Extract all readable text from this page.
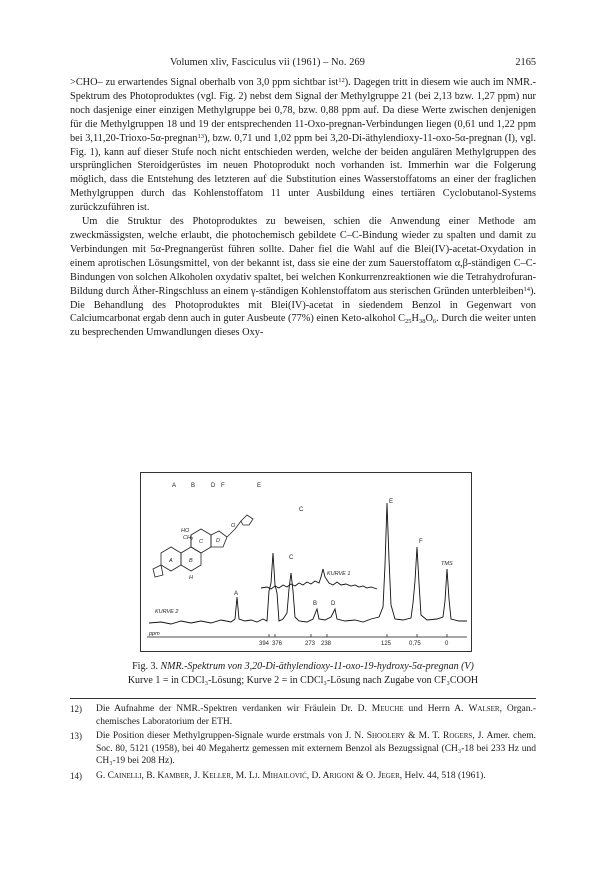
Volumen xliv, Fasciculus vii (1961) – No. 269	2165

>CHO– zu erwartendes Signal oberhalb von 3,0 ppm sichtbar ist$^{12}$). Dagegen tritt in diesem wie auch im NMR.-Spektrum des Photoproduktes (vgl. Fig. 2) nebst dem Signal der Methylgruppe 21 (bei 2,13 bzw. 1,27 ppm) nur noch dasjenige einer einzigen Methylgruppe bei 0,78, bzw. 0,88 ppm auf. Da diese Werte zwischen denjenigen für die Methylgruppen 18 und 19 der entsprechenden 11-Oxo-pregnan-Verbindungen liegen (0,61 und 1,22 ppm bei 3,11,20-Trioxo-5α-pregnan$^{13}$), bzw. 0,71 und 1,02 ppm bei 3,20-Di-äthylendioxy-11-oxo-5α-pregnan (I), vgl. Fig. 1), kann auf dieser Stufe noch nicht entschieden werden, welche der beiden angulären Methylgruppen des ursprünglichen Steroidgerüstes im neuen Photoprodukt noch vorhanden ist. Immerhin war die Folgerung möglich, dass die Entstehung des letzteren auf die Substitution eines Wasserstoffatoms an einer der fraglichen Methylgruppen durch das Kohlenstoffatom 11 unter Ausbildung eines tertiären Cyclobutanol-Systems zurückzuführen ist.

Um die Struktur des Photoproduktes zu beweisen, schien die Anwendung einer Methode am zweckmässigsten, welche erlaubt, die photochemisch gebildete C–C-Bindung wieder zu spalten und damit zu Verbindungen mit 5α-Pregnangerüst führen sollte. Daher fiel die Wahl auf die Blei(IV)-acetat-Oxydation in einem aprotischen Lösungsmittel, von der bekannt ist, dass sie eine der zum Sauerstoffatom α,β-ständigen C–C-Bindungen von solchen Alkoholen oxydativ spaltet, bei welchen Konkurrenzreaktionen wie die Tetrahydrofuran-Bildung durch Äther-Ringschluss an einem γ-ständigen Kohlenstoffatom aus sterischen Gründen unterbleiben$^{14}$). Die Behandlung des Photoproduktes mit Blei(IV)-acetat in siedendem Benzol in Gegenwart von Calciumcarbonat ergab denn auch in guter Ausbeute (77%) einen Keto-alkohol $C_{25}H_{38}O_6$. Durch die weiter unten zu besprechenden Umwandlungen dieses Oxy-

A B	D F	E
C
HO
CH₂
H
O
A	B
C D
KURVE 1
KURVE 2
TMS
ppm
394 376	273 238	125	0,75	0
A
C
B D
E
F
Fig. 3. NMR.-Spektrum von 3,20-Di-äthylendioxy-11-oxo-19-hydroxy-5α-pregnan (V)
Kurve 1 = in CDCl₃-Lösung; Kurve 2 = in CDCl₃-Lösung nach Zugabe von CF₃COOH
12)	Die Aufnahme der NMR.-Spektren verdanken wir Fräulein Dr. D. Meuche und Herrn A. Walser, Organ.-chemisches Laboratorium der ETH.
13)	Die Position dieser Methylgruppen-Signale wurde erstmals von J. N. Shoolery & M. T. Rogers, J. Amer. chem. Soc. 80, 5121 (1958), bei 40 Megahertz gemessen mit externem Benzol als Bezugssignal (CH₃-18 bei 233 Hz und CH₃-19 bei 208 Hz).
14)	G. Cainelli, B. Kamber, J. Keller, M. Lj. Mihailović, D. Arigoni & O. Jeger, Helv. 44, 518 (1961).
